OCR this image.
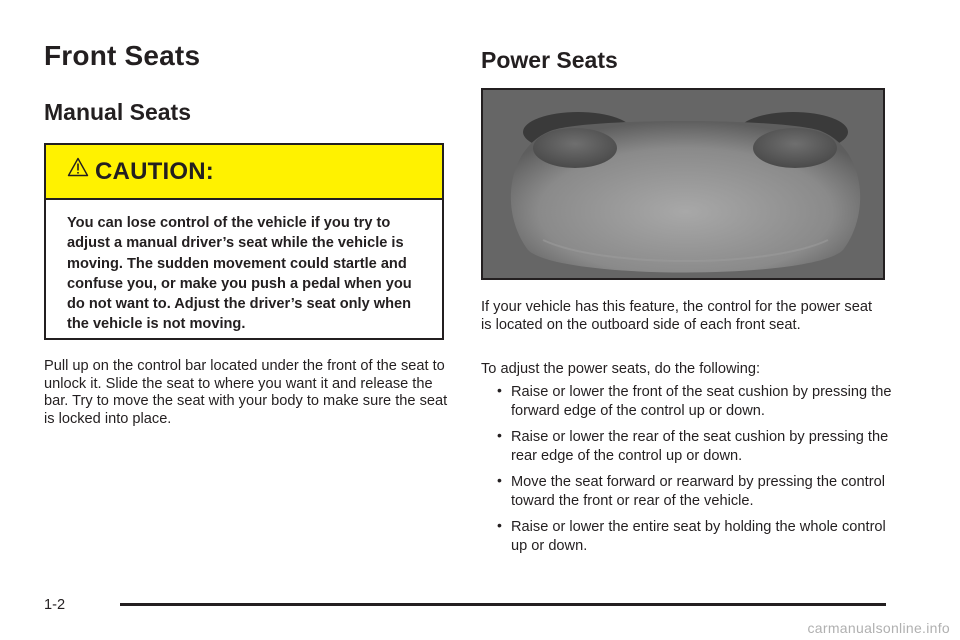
Front Seats
Manual Seats
CAUTION:
You can lose control of the vehicle if you try to adjust a manual driver’s seat while the vehicle is moving. The sudden movement could startle and confuse you, or make you push a pedal when you do not want to. Adjust the driver’s seat only when the vehicle is not moving.

Pull up on the control bar located under the front of the seat to unlock it. Slide the seat to where you want it and release the bar. Try to move the seat with your body to make sure the seat is locked into place.

Power Seats

If your vehicle has this feature, the control for the power seat is located on the outboard side of each front seat.

To adjust the power seats, do the following:

• Raise or lower the front of the seat cushion by pressing the forward edge of the control up or down.
• Raise or lower the rear of the seat cushion by pressing the rear edge of the control up or down.
• Move the seat forward or rearward by pressing the control toward the front or rear of the vehicle.
• Raise or lower the entire seat by holding the whole control up or down.
1-2
carmanualsonline.info
